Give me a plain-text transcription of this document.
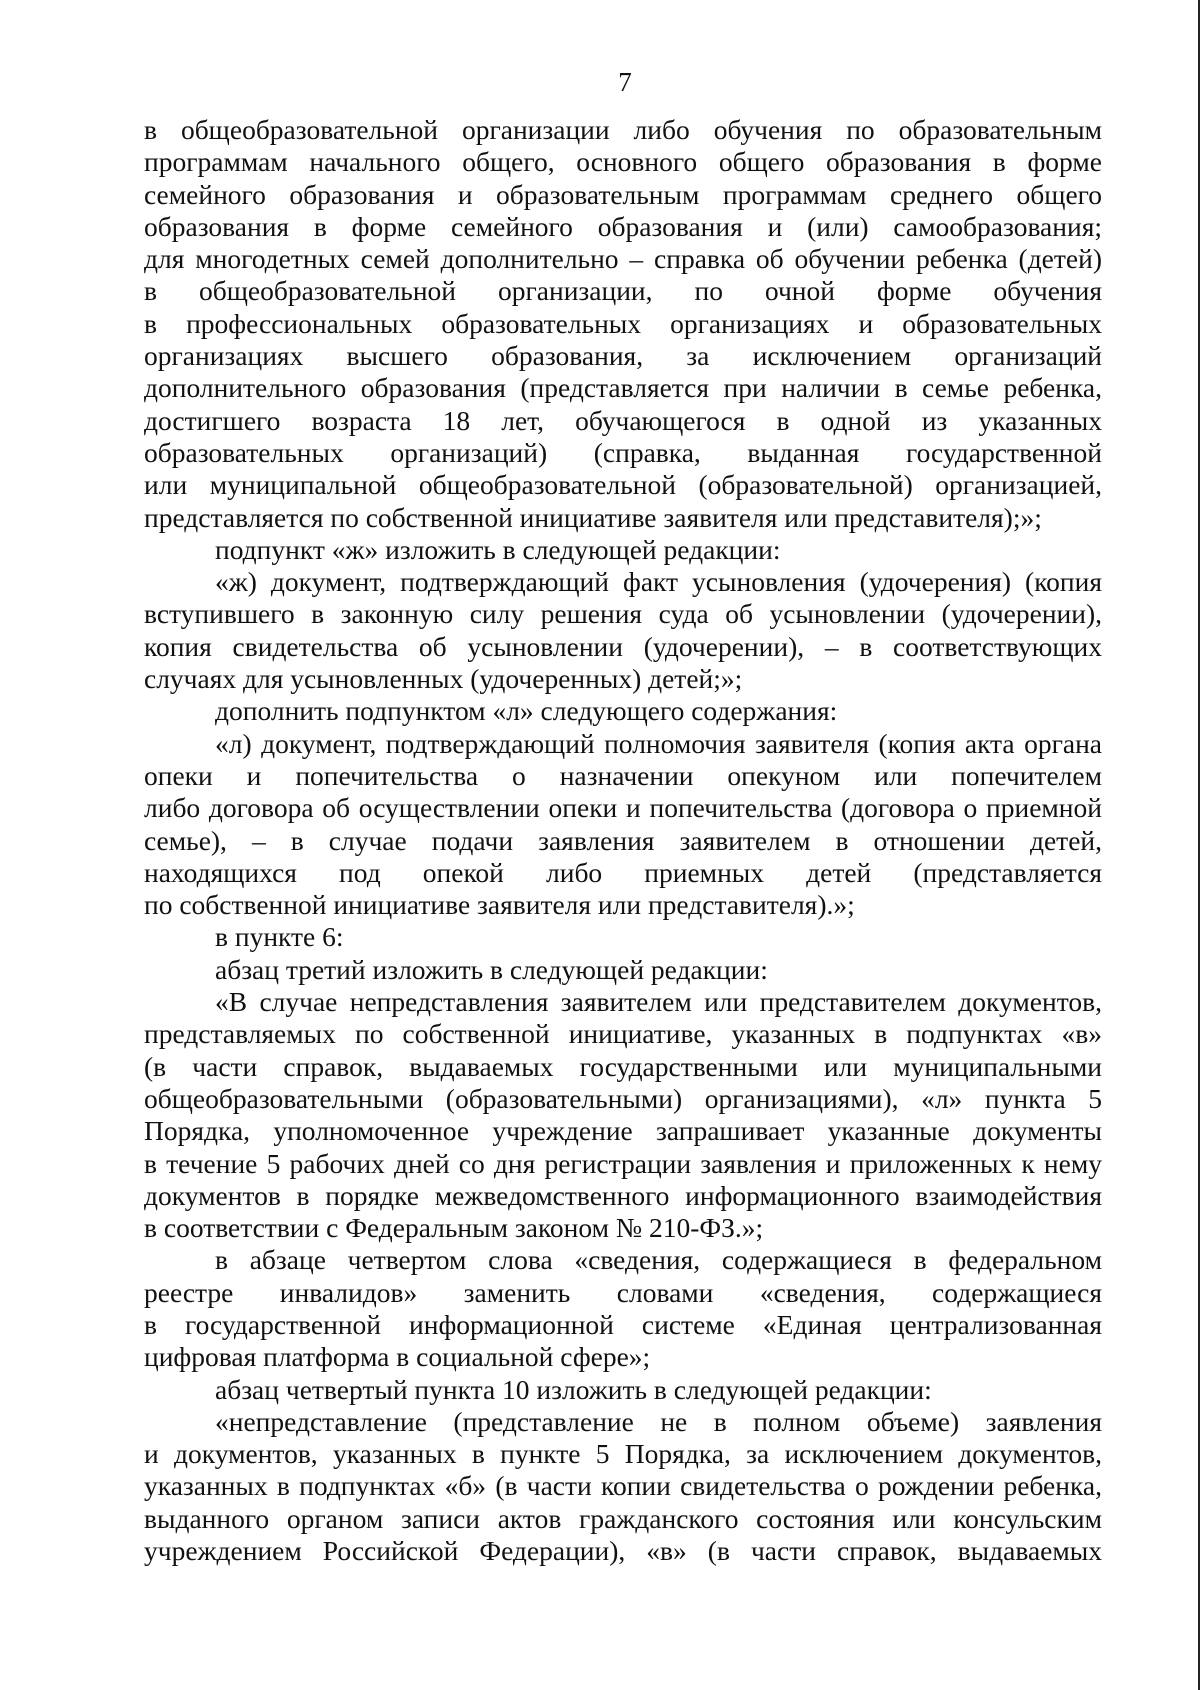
7
в общеобразовательной организации либо обучения по образовательным
программам начального общего, основного общего образования в форме
семейного образования и образовательным программам среднего общего
образования в форме семейного образования и (или) самообразования;
для многодетных семей дополнительно – справка об обучении ребенка (детей)
в общеобразовательной организации, по очной форме обучения
в профессиональных образовательных организациях и образовательных
организациях высшего образования, за исключением организаций
дополнительного образования (представляется при наличии в семье ребенка,
достигшего возраста 18 лет, обучающегося в одной из указанных
образовательных организаций) (справка, выданная государственной
или муниципальной общеобразовательной (образовательной) организацией,
представляется по собственной инициативе заявителя или представителя);»;
подпункт «ж» изложить в следующей редакции:
«ж) документ, подтверждающий факт усыновления (удочерения) (копия
вступившего в законную силу решения суда об усыновлении (удочерении),
копия свидетельства об усыновлении (удочерении), – в соответствующих
случаях для усыновленных (удочеренных) детей;»;
дополнить подпунктом «л» следующего содержания:
«л) документ, подтверждающий полномочия заявителя (копия акта органа
опеки и попечительства о назначении опекуном или попечителем
либо договора об осуществлении опеки и попечительства (договора о приемной
семье), – в случае подачи заявления заявителем в отношении детей,
находящихся под опекой либо приемных детей (представляется
по собственной инициативе заявителя или представителя).»;
в пункте 6:
абзац третий изложить в следующей редакции:
«В случае непредставления заявителем или представителем документов,
представляемых по собственной инициативе, указанных в подпунктах «в»
(в части справок, выдаваемых государственными или муниципальными
общеобразовательными (образовательными) организациями), «л» пункта 5
Порядка, уполномоченное учреждение запрашивает указанные документы
в течение 5 рабочих дней со дня регистрации заявления и приложенных к нему
документов в порядке межведомственного информационного взаимодействия
в соответствии с Федеральным законом № 210-ФЗ.»;
в абзаце четвертом слова «сведения, содержащиеся в федеральном
реестре инвалидов» заменить словами «сведения, содержащиеся
в государственной информационной системе «Единая централизованная
цифровая платформа в социальной сфере»;
абзац четвертый пункта 10 изложить в следующей редакции:
«непредставление (представление не в полном объеме) заявления
и документов, указанных в пункте 5 Порядка, за исключением документов,
указанных в подпунктах «б» (в части копии свидетельства о рождении ребенка,
выданного органом записи актов гражданского состояния или консульским
учреждением Российской Федерации), «в» (в части справок, выдаваемых
